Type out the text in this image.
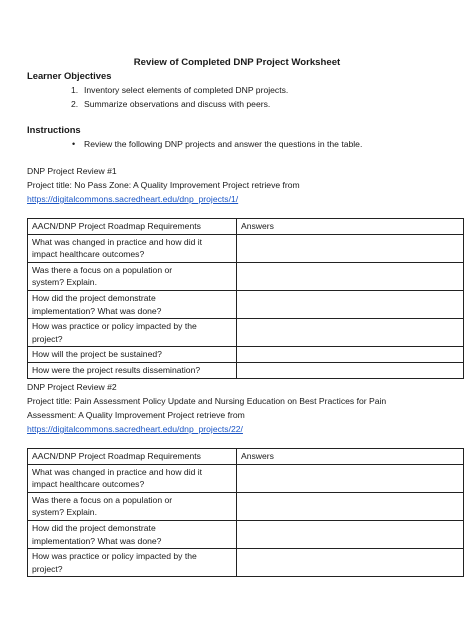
Review of Completed DNP Project Worksheet
Learner Objectives
1. Inventory select elements of completed DNP projects.
2. Summarize observations and discuss with peers.
Instructions
• Review the following DNP projects and answer the questions in the table.
DNP Project Review #1
Project title: No Pass Zone: A Quality Improvement Project retrieve from
https://digitalcommons.sacredheart.edu/dnp_projects/1/
AACN/DNP Project Roadmap Requirements	Answers

What was changed in practice and how did it
impact healthcare outcomes?	

Was there a focus on a population or
system? Explain.	

How did the project demonstrate
implementation? What was done?	

How was practice or policy impacted by the
project?	

How will the project be sustained?	

How were the project results dissemination?	

DNP Project Review #2
Project title: Pain Assessment Policy Update and Nursing Education on Best Practices for Pain
Assessment: A Quality Improvement Project retrieve from
https://digitalcommons.sacredheart.edu/dnp_projects/22/
AACN/DNP Project Roadmap Requirements	Answers

What was changed in practice and how did it
impact healthcare outcomes?	

Was there a focus on a population or
system? Explain.	

How did the project demonstrate
implementation? What was done?	

How was practice or policy impacted by the
project?	
